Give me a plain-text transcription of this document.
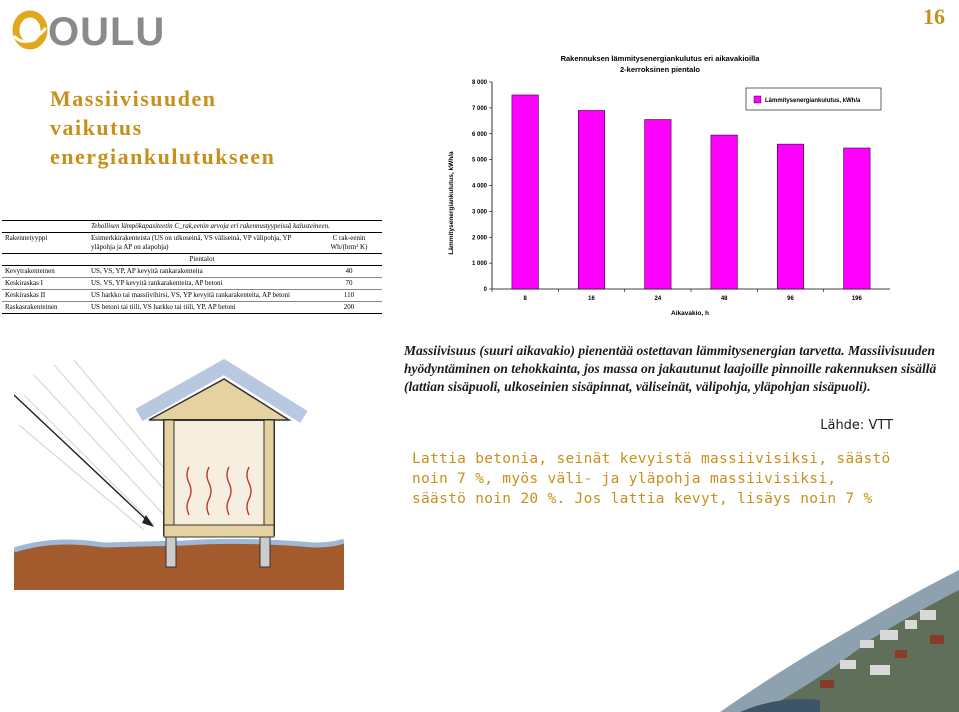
OULU	16
Massiivisuuden
vaikutus
energiankulutukseen
	Tehollisen lämpökapasiteetin C_rak,eenin arvoja eri rakennustyypeissä kalusteineen.	
Rakennetyyppi	Esimerkkirakenteista (US on ulkoseinä, VS väliseinä, VP välipohja, YP yläpohja ja AP on alapohja)	C rak-eenin Wh/(brm² K)
	Pientalot	
Kevytrakenteinen	US, VS, YP, AP kevyitä rankarakenteita	40
Keskiraskas I	US, VS, YP kevyitä rankarakenteita, AP betoni	70
Keskiraskas II	US harkko tai massiivihirsi, VS, YP kevyitä rankarakenteita, AP betoni	110
Raskasrakenteinen	US betoni tai tiili, VS harkko tai tiili, YP, AP betoni	200
Rakennuksen lämmitysenergiankulutus eri aikavakioilla
2-kerroksinen pientalo
Lämmitysenergiankulutus, kWh/a
Aikavakio, h
0
1 000
2 000
3 000
4 000
5 000
6 000
7 000
8 000
8	16	24	48	96	196
Lämmitysenergiankulutus, kWh/a
Massiivisuus (suuri aikavakio) pienentää ostettavan lämmitysenergian tarvetta. Massiivisuuden hyödyntäminen on tehokkainta, jos massa on jakautunut laajoille pinnoille rakennuksen sisällä (lattian sisäpuoli, ulkoseinien sisäpinnat, väliseinät, välipohja, yläpohjan sisäpuoli).
Lähde: VTT
Lattia betonia, seinät kevyistä massiivisiksi, säästö
noin 7 %, myös väli- ja yläpohja massiivisiksi,
säästö noin 20 %. Jos lattia kevyt, lisäys noin 7 %
